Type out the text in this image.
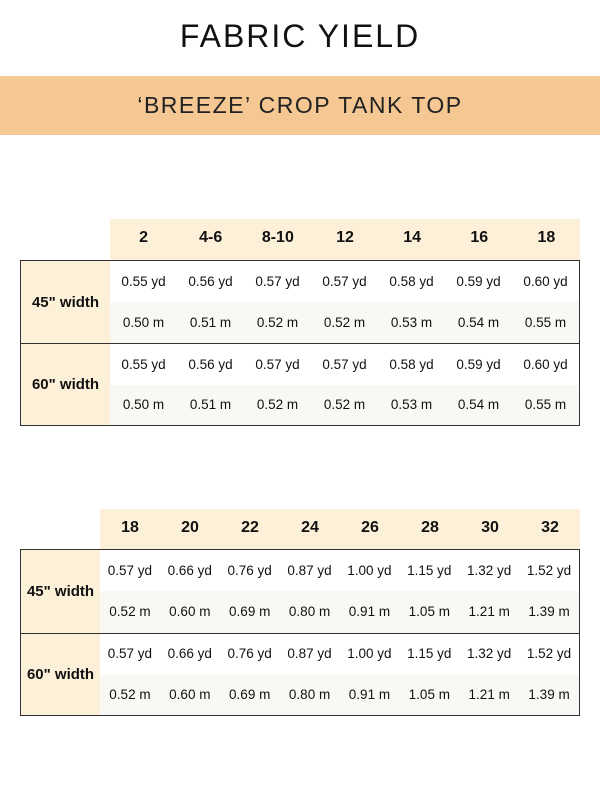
FABRIC YIELD
‘BREEZE’ CROP TANK TOP
2	4-6	8-10	12	14	16	18
45" width
0.55 yd	0.56 yd	0.57 yd	0.57 yd	0.58 yd	0.59 yd	0.60 yd
0.50 m	0.51 m	0.52 m	0.52 m	0.53 m	0.54 m	0.55 m
60" width
0.55 yd	0.56 yd	0.57 yd	0.57 yd	0.58 yd	0.59 yd	0.60 yd
0.50 m	0.51 m	0.52 m	0.52 m	0.53 m	0.54 m	0.55 m
18	20	22	24	26	28	30	32
45" width
0.57 yd	0.66 yd	0.76 yd	0.87 yd	1.00 yd	1.15 yd	1.32 yd	1.52 yd
0.52 m	0.60 m	0.69 m	0.80 m	0.91 m	1.05 m	1.21 m	1.39 m
60" width
0.57 yd	0.66 yd	0.76 yd	0.87 yd	1.00 yd	1.15 yd	1.32 yd	1.52 yd
0.52 m	0.60 m	0.69 m	0.80 m	0.91 m	1.05 m	1.21 m	1.39 m
